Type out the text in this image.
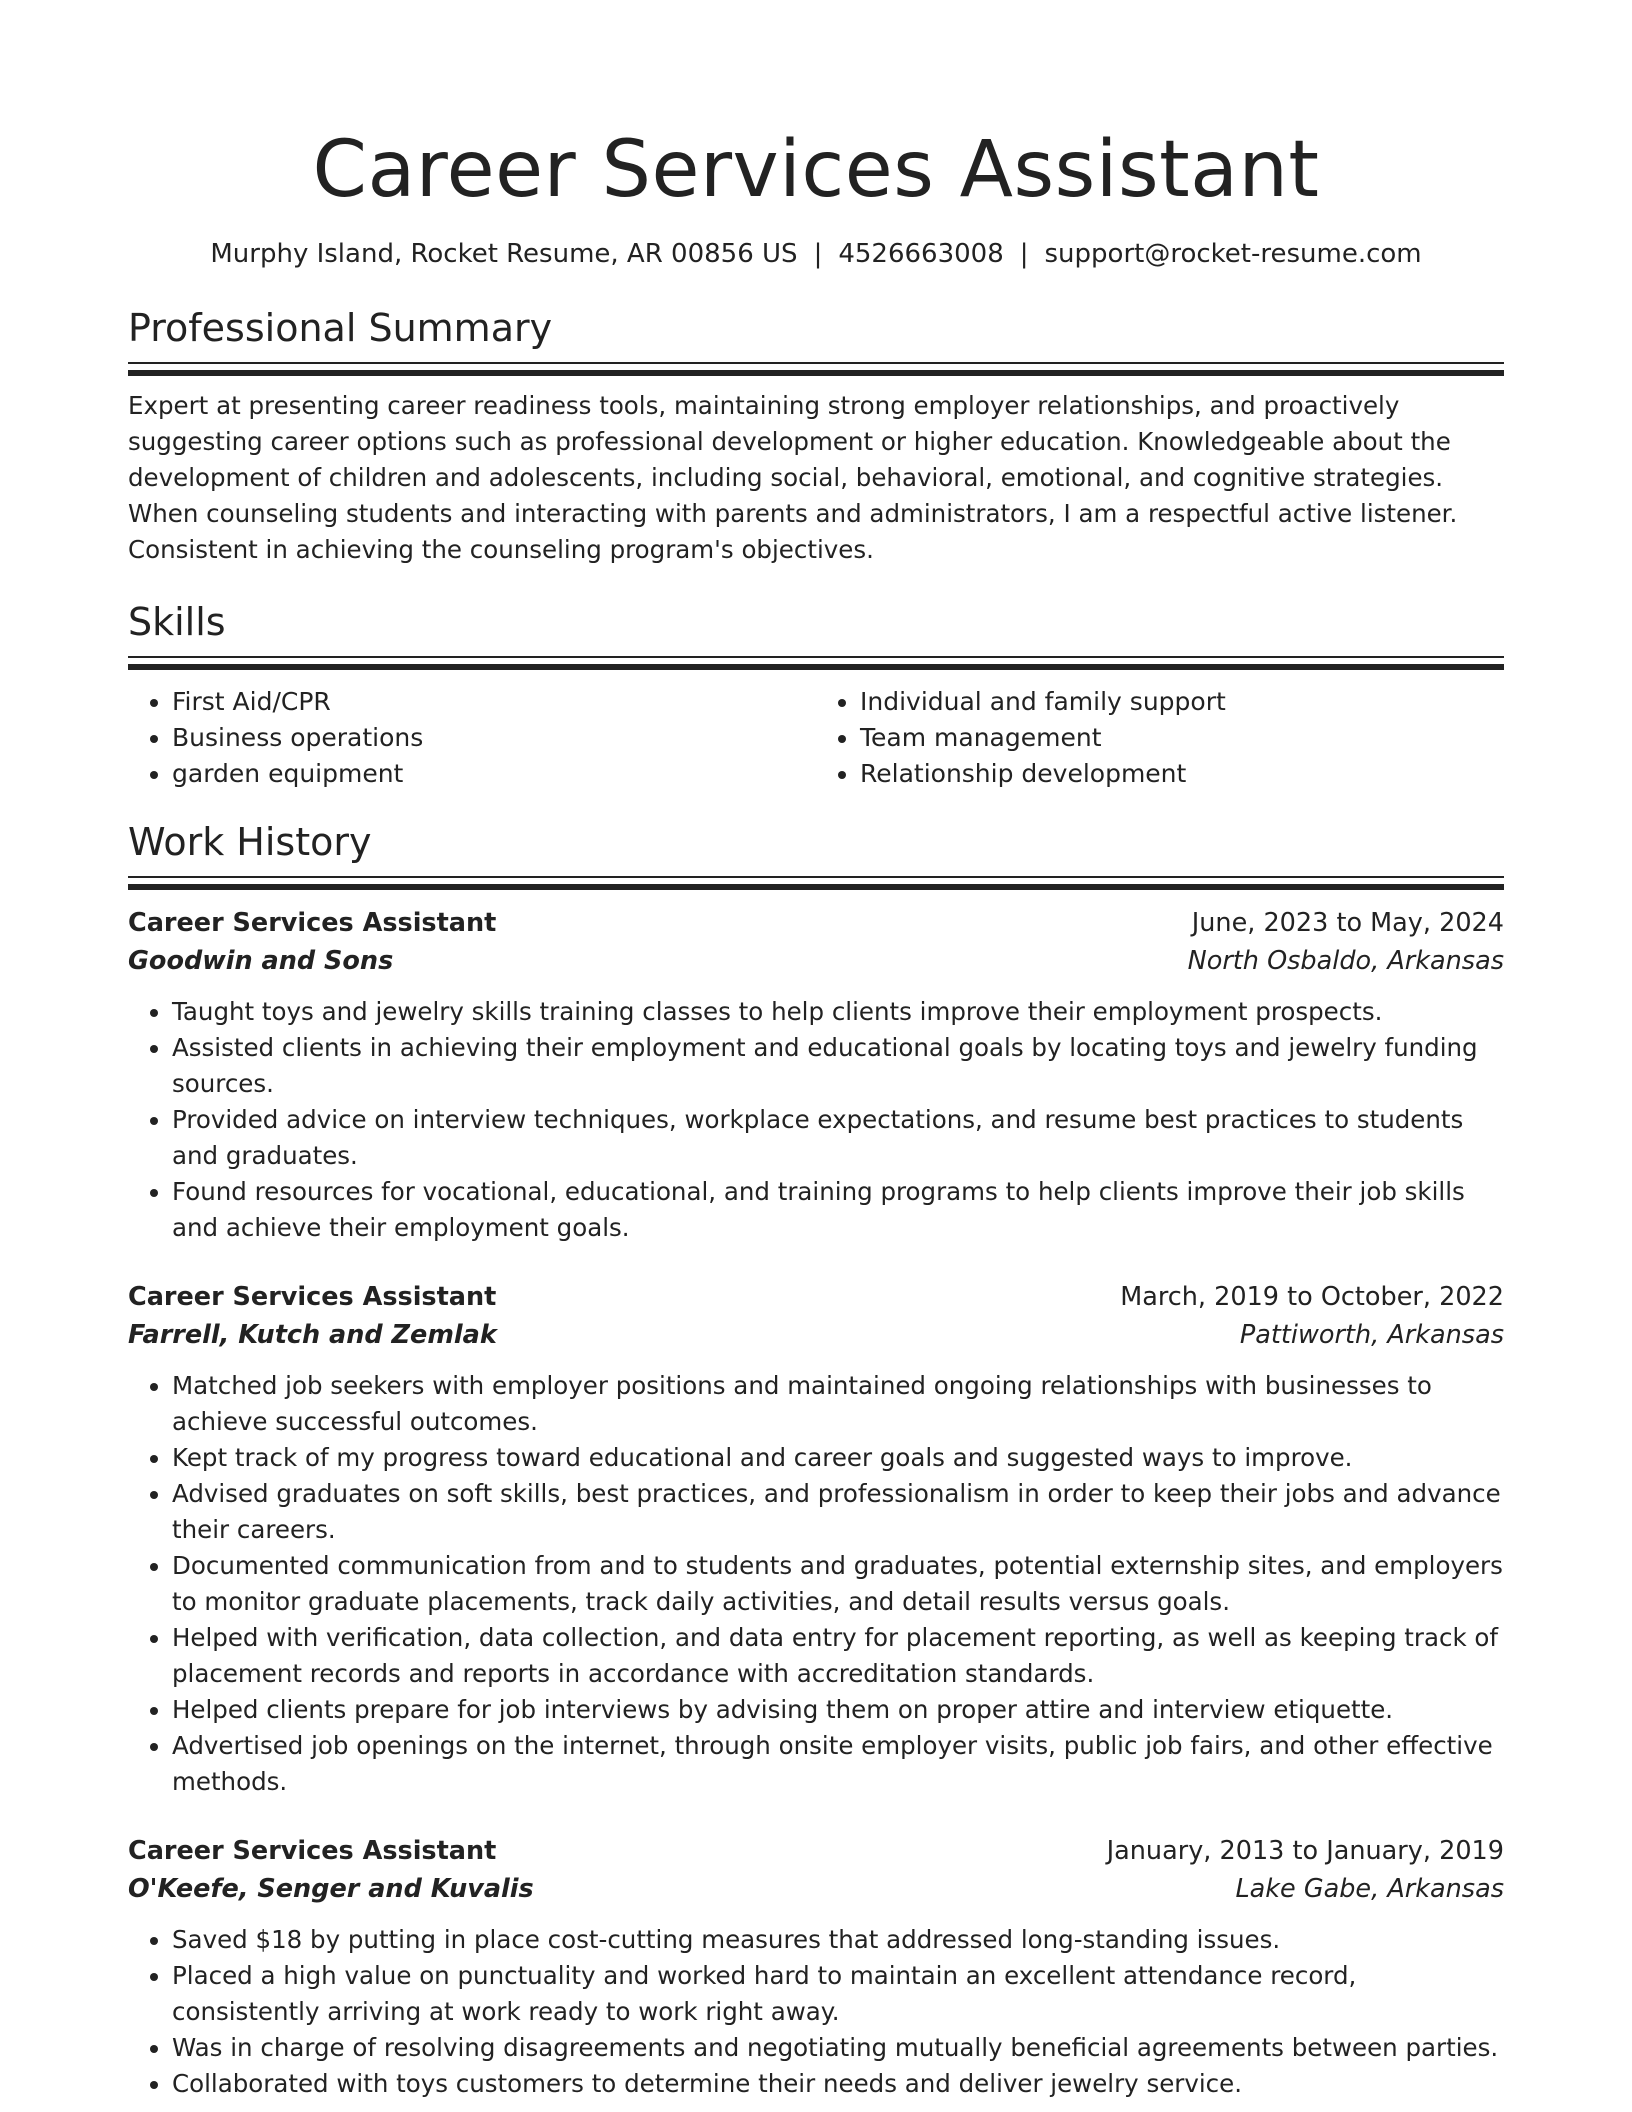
Career Services Assistant
Murphy Island, Rocket Resume, AR 00856 US | 4526663008 | support@rocket-resume.com
Professional Summary

Expert at presenting career readiness tools, maintaining strong employer relationships, and proactively suggesting career options such as professional development or higher education. Knowledgeable about the development of children and adolescents, including social, behavioral, emotional, and cognitive strategies. When counseling students and interacting with parents and administrators, I am a respectful active listener. Consistent in achieving the counseling program's objectives.

Skills
• First Aid/CPR
• Business operations
• garden equipment
• Individual and family support
• Team management
• Relationship development
Work History
Career Services Assistant	June, 2023 to May, 2024
Goodwin and Sons	North Osbaldo, Arkansas
• Taught toys and jewelry skills training classes to help clients improve their employment prospects.
• Assisted clients in achieving their employment and educational goals by locating toys and jewelry funding sources.
• Provided advice on interview techniques, workplace expectations, and resume best practices to students and graduates.
• Found resources for vocational, educational, and training programs to help clients improve their job skills and achieve their employment goals.
Career Services Assistant	March, 2019 to October, 2022
Farrell, Kutch and Zemlak	Pattiworth, Arkansas
• Matched job seekers with employer positions and maintained ongoing relationships with businesses to achieve successful outcomes.
• Kept track of my progress toward educational and career goals and suggested ways to improve.
• Advised graduates on soft skills, best practices, and professionalism in order to keep their jobs and advance their careers.
• Documented communication from and to students and graduates, potential externship sites, and employers to monitor graduate placements, track daily activities, and detail results versus goals.
• Helped with verification, data collection, and data entry for placement reporting, as well as keeping track of placement records and reports in accordance with accreditation standards.
• Helped clients prepare for job interviews by advising them on proper attire and interview etiquette.
• Advertised job openings on the internet, through onsite employer visits, public job fairs, and other effective methods.
Career Services Assistant	January, 2013 to January, 2019
O'Keefe, Senger and Kuvalis	Lake Gabe, Arkansas
• Saved $18 by putting in place cost-cutting measures that addressed long-standing issues.
• Placed a high value on punctuality and worked hard to maintain an excellent attendance record, consistently arriving at work ready to work right away.
• Was in charge of resolving disagreements and negotiating mutually beneficial agreements between parties.
• Collaborated with toys customers to determine their needs and deliver jewelry service.
